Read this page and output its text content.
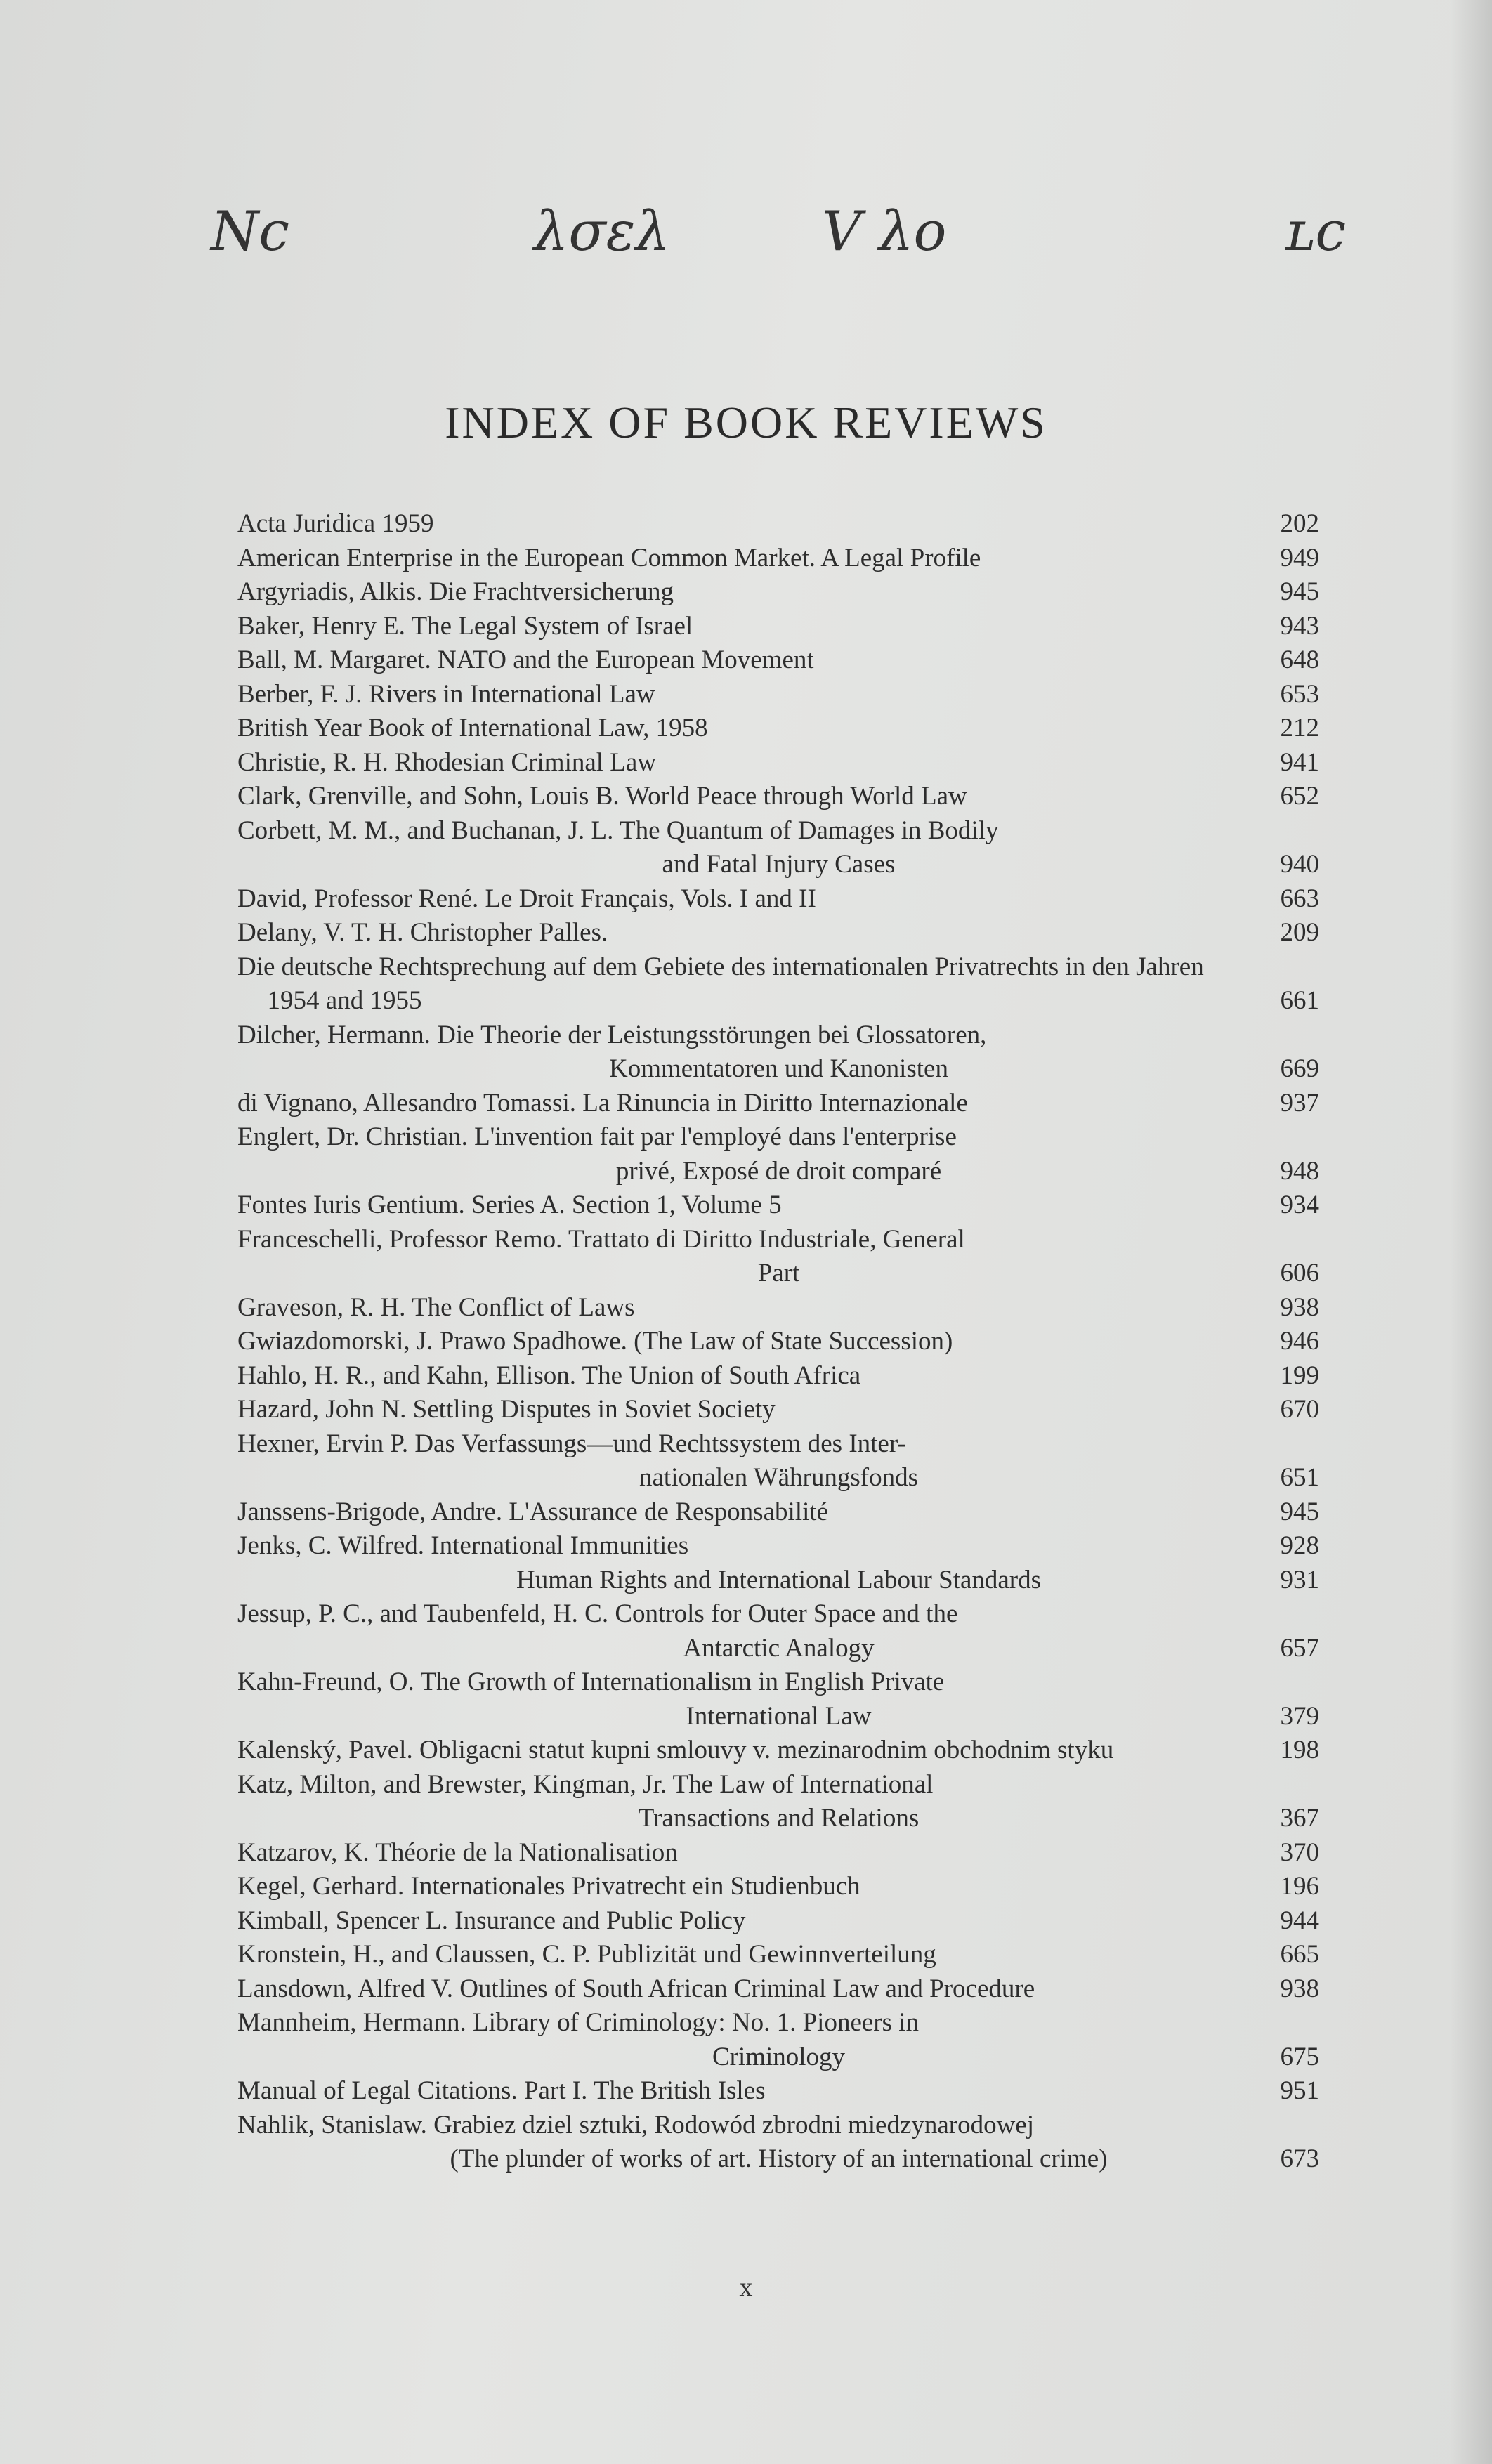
Νϲ	λσελ	V λo	ʟc
INDEX OF BOOK REVIEWS
Acta Juridica 1959	202
American Enterprise in the European Common Market. A Legal Profile	949
Argyriadis, Alkis. Die Frachtversicherung	945
Baker, Henry E. The Legal System of Israel	943
Ball, M. Margaret. NATO and the European Movement	648
Berber, F. J. Rivers in International Law	653
British Year Book of International Law, 1958	212
Christie, R. H. Rhodesian Criminal Law	941
Clark, Grenville, and Sohn, Louis B. World Peace through World Law	652
Corbett, M. M., and Buchanan, J. L. The Quantum of Damages in Bodily
and Fatal Injury Cases	940
David, Professor René. Le Droit Français, Vols. I and II	663
Delany, V. T. H. Christopher Palles.	209
Die deutsche Rechtsprechung auf dem Gebiete des internationalen Privatrechts in den Jahren 1954 and 1955	661
Dilcher, Hermann. Die Theorie der Leistungsstörungen bei Glossatoren,
Kommentatoren und Kanonisten	669
di Vignano, Allesandro Tomassi. La Rinuncia in Diritto Internazionale	937
Englert, Dr. Christian. L'invention fait par l'employé dans l'enterprise
privé, Exposé de droit comparé	948
Fontes Iuris Gentium. Series A. Section 1, Volume 5	934
Franceschelli, Professor Remo. Trattato di Diritto Industriale, General
Part	606
Graveson, R. H. The Conflict of Laws	938
Gwiazdomorski, J. Prawo Spadhowe. (The Law of State Succession)	946
Hahlo, H. R., and Kahn, Ellison. The Union of South Africa	199
Hazard, John N. Settling Disputes in Soviet Society	670
Hexner, Ervin P. Das Verfassungs—und Rechtssystem des Inter-
nationalen Währungsfonds	651
Janssens-Brigode, Andre. L'Assurance de Responsabilité	945
Jenks, C. Wilfred. International Immunities	928
Human Rights and International Labour Standards	931
Jessup, P. C., and Taubenfeld, H. C. Controls for Outer Space and the
Antarctic Analogy	657
Kahn-Freund, O. The Growth of Internationalism in English Private
International Law	379
Kalenský, Pavel. Obligacni statut kupni smlouvy v. mezinarodnim obchodnim styku	198
Katz, Milton, and Brewster, Kingman, Jr. The Law of International
Transactions and Relations	367
Katzarov, K. Théorie de la Nationalisation	370
Kegel, Gerhard. Internationales Privatrecht ein Studienbuch	196
Kimball, Spencer L. Insurance and Public Policy	944
Kronstein, H., and Claussen, C. P. Publizität und Gewinnverteilung	665
Lansdown, Alfred V. Outlines of South African Criminal Law and Procedure	938
Mannheim, Hermann. Library of Criminology: No. 1. Pioneers in
Criminology	675
Manual of Legal Citations. Part I. The British Isles	951
Nahlik, Stanislaw. Grabiez dziel sztuki, Rodowód zbrodni miedzynarodowej
(The plunder of works of art. History of an international crime)	673
x
